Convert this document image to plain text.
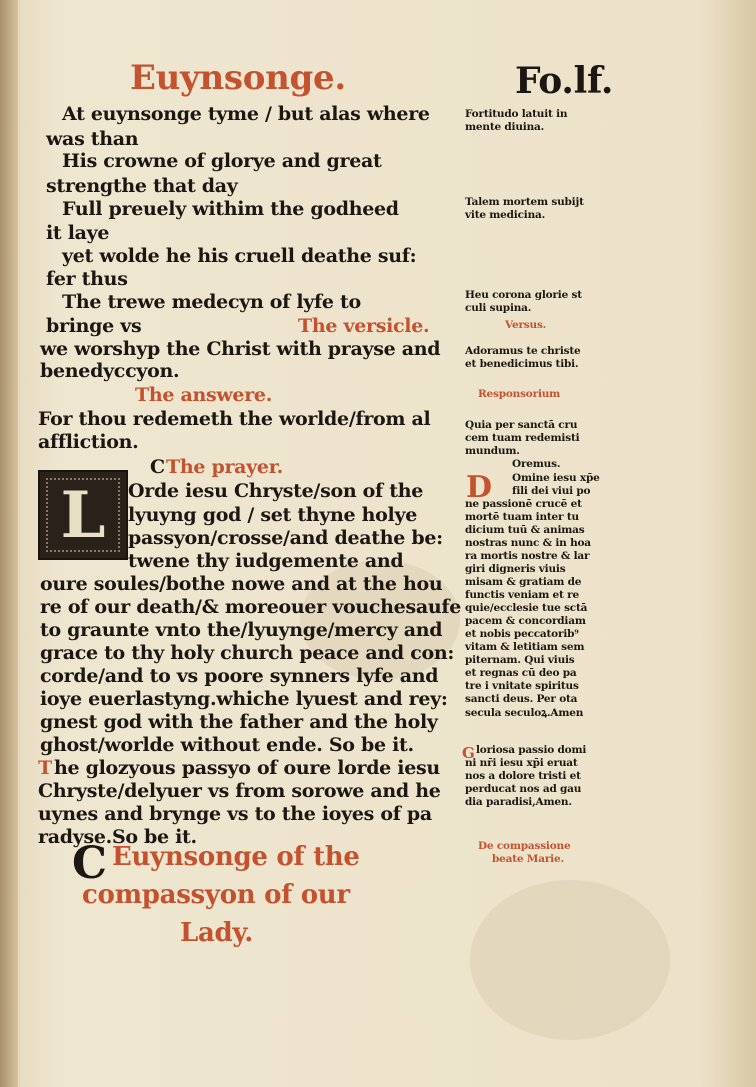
Euynsonge.	Fo.lf.
At euynsonge tyme / but alas where
was than
His crowne of glorye and great
strengthe that day
Full preuely withim the godheed
it laye
yet wolde he his cruell deathe suf:
fer thus
The trewe medecyn of lyfe to
bringe vs	The versicle.
we worshyp the Christ with prayse and
benedyccyon.
The answere.
For thou redemeth the worlde/from al
affliction.
C The prayer.
L Orde iesu Chryste/son of the
lyuyng god / set thyne holye
passyon/crosse/and deathe be:
twene thy iudgemente and
oure soules/bothe nowe and at the hou
re of our death/& moreouer vouchesaufe
to graunte vnto the/lyuynge/mercy and
grace to thy holy church peace and con:
corde/and to vs poore synners lyfe and
ioye euerlastyng.whiche lyuest and rey:
gnest god with the father and the holy
ghost/worlde without ende. So be it.
T he glozyous passyo of oure lorde iesu
Chryste/delyuer vs from sorowe and he
uynes and brynge vs to the ioyes of pa
radyse.So be it.
C Euynsonge of the
compassyon of our
Lady.
Fortitudo latuit in
mente diuina.
Talem mortem subijt
vite medicina.
Heu corona glorie st
culi supina.
Versus.
Adoramus te christe
et benedicimus tibi.
Responsorium
Quia per sanctā cru
cem tuam redemisti
mundum.
Oremus.
D Omine iesu xp̄e
fili dei viui po
ne passionē crucē et
mortē tuam inter tu
dicium tuū & animas
nostras nunc & in hoa
ra mortis nostre & lar
giri digneris viuis
misam & gratiam de
functis veniam et re
quie/ecclesie tue sctā
pacem & concordiam
et nobis peccatorib⁹
vitam & letitiam sem
piternam. Qui viuis
et regnas cū deo pa
tre i vnitate spiritus
sancti deus. Per ota
secula seculoꝝ.Amen
G loriosa passio domi
ni nr̄i iesu xp̄i eruat
nos a dolore tristi et
perducat nos ad gau
dia paradisi,Amen.
De compassione
beate Marie.
